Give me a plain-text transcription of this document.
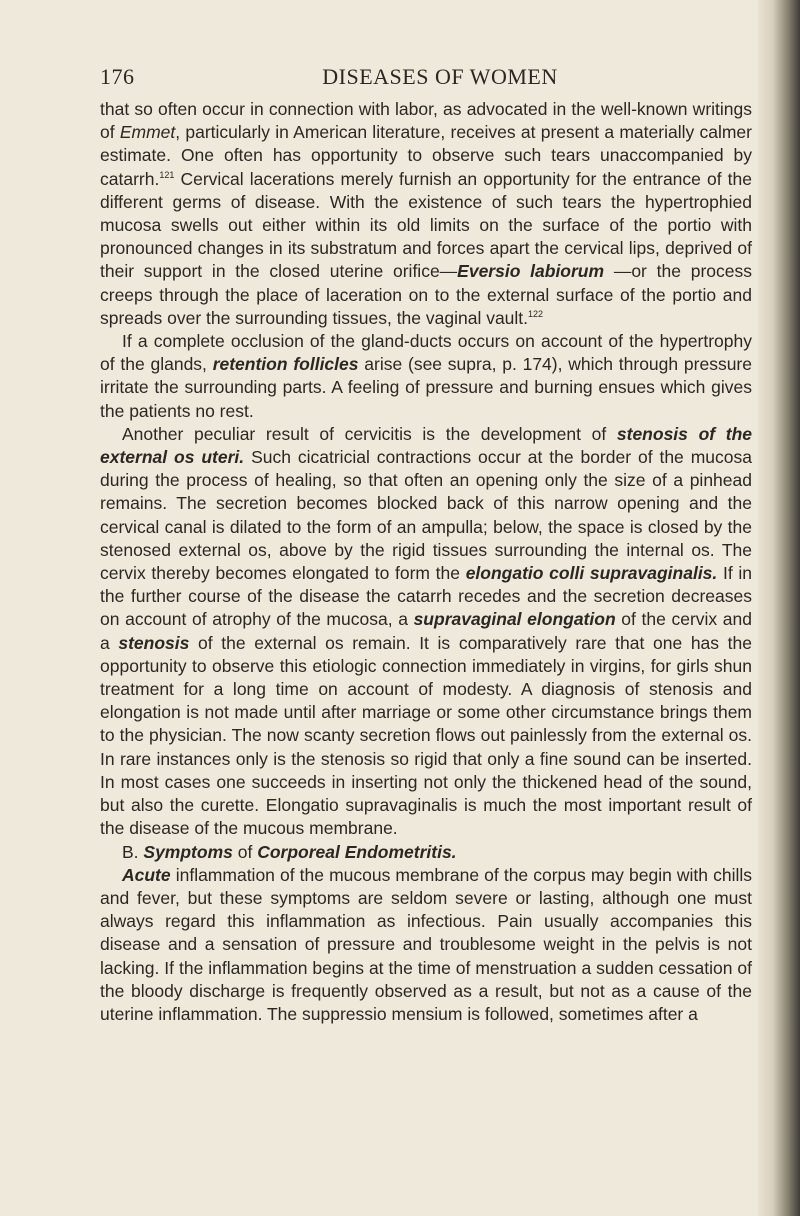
176	DISEASES OF WOMEN

that so often occur in connection with labor, as advocated in the well-known writings of Emmet, particularly in American literature, receives at present a materially calmer estimate. One often has opportunity to observe such tears unaccompanied by catarrh.$^{121}$ Cervical lacerations merely furnish an opportunity for the entrance of the different germs of disease. With the existence of such tears the hypertrophied mucosa swells out either within its old limits on the surface of the portio with pronounced changes in its substratum and forces apart the cervical lips, deprived of their support in the closed uterine orifice—Eversio labiorum —or the process creeps through the place of laceration on to the external surface of the portio and spreads over the surrounding tissues, the vaginal vault.$^{122}$

If a complete occlusion of the gland-ducts occurs on account of the hypertrophy of the glands, retention follicles arise (see supra, p. 174), which through pressure irritate the surrounding parts. A feeling of pressure and burning ensues which gives the patients no rest.

Another peculiar result of cervicitis is the development of stenosis of the external os uteri. Such cicatricial contractions occur at the border of the mucosa during the process of healing, so that often an opening only the size of a pinhead remains. The secretion becomes blocked back of this narrow opening and the cervical canal is dilated to the form of an ampulla; below, the space is closed by the stenosed external os, above by the rigid tissues surrounding the internal os. The cervix thereby becomes elongated to form the elongatio colli supravaginalis. If in the further course of the disease the catarrh recedes and the secretion decreases on account of atrophy of the mucosa, a supravaginal elongation of the cervix and a stenosis of the external os remain. It is comparatively rare that one has the opportunity to observe this etiologic connection immediately in virgins, for girls shun treatment for a long time on account of modesty. A diagnosis of stenosis and elongation is not made until after marriage or some other circumstance brings them to the physician. The now scanty secretion flows out painlessly from the external os. In rare instances only is the stenosis so rigid that only a fine sound can be inserted. In most cases one succeeds in inserting not only the thickened head of the sound, but also the curette. Elongatio supravaginalis is much the most important result of the disease of the mucous membrane.

B. Symptoms of Corporeal Endometritis.

Acute inflammation of the mucous membrane of the corpus may begin with chills and fever, but these symptoms are seldom severe or lasting, although one must always regard this inflammation as infectious. Pain usually accompanies this disease and a sensation of pressure and troublesome weight in the pelvis is not lacking. If the inflammation begins at the time of menstruation a sudden cessation of the bloody discharge is frequently observed as a result, but not as a cause of the uterine inflammation. The suppressio mensium is followed, sometimes after a
